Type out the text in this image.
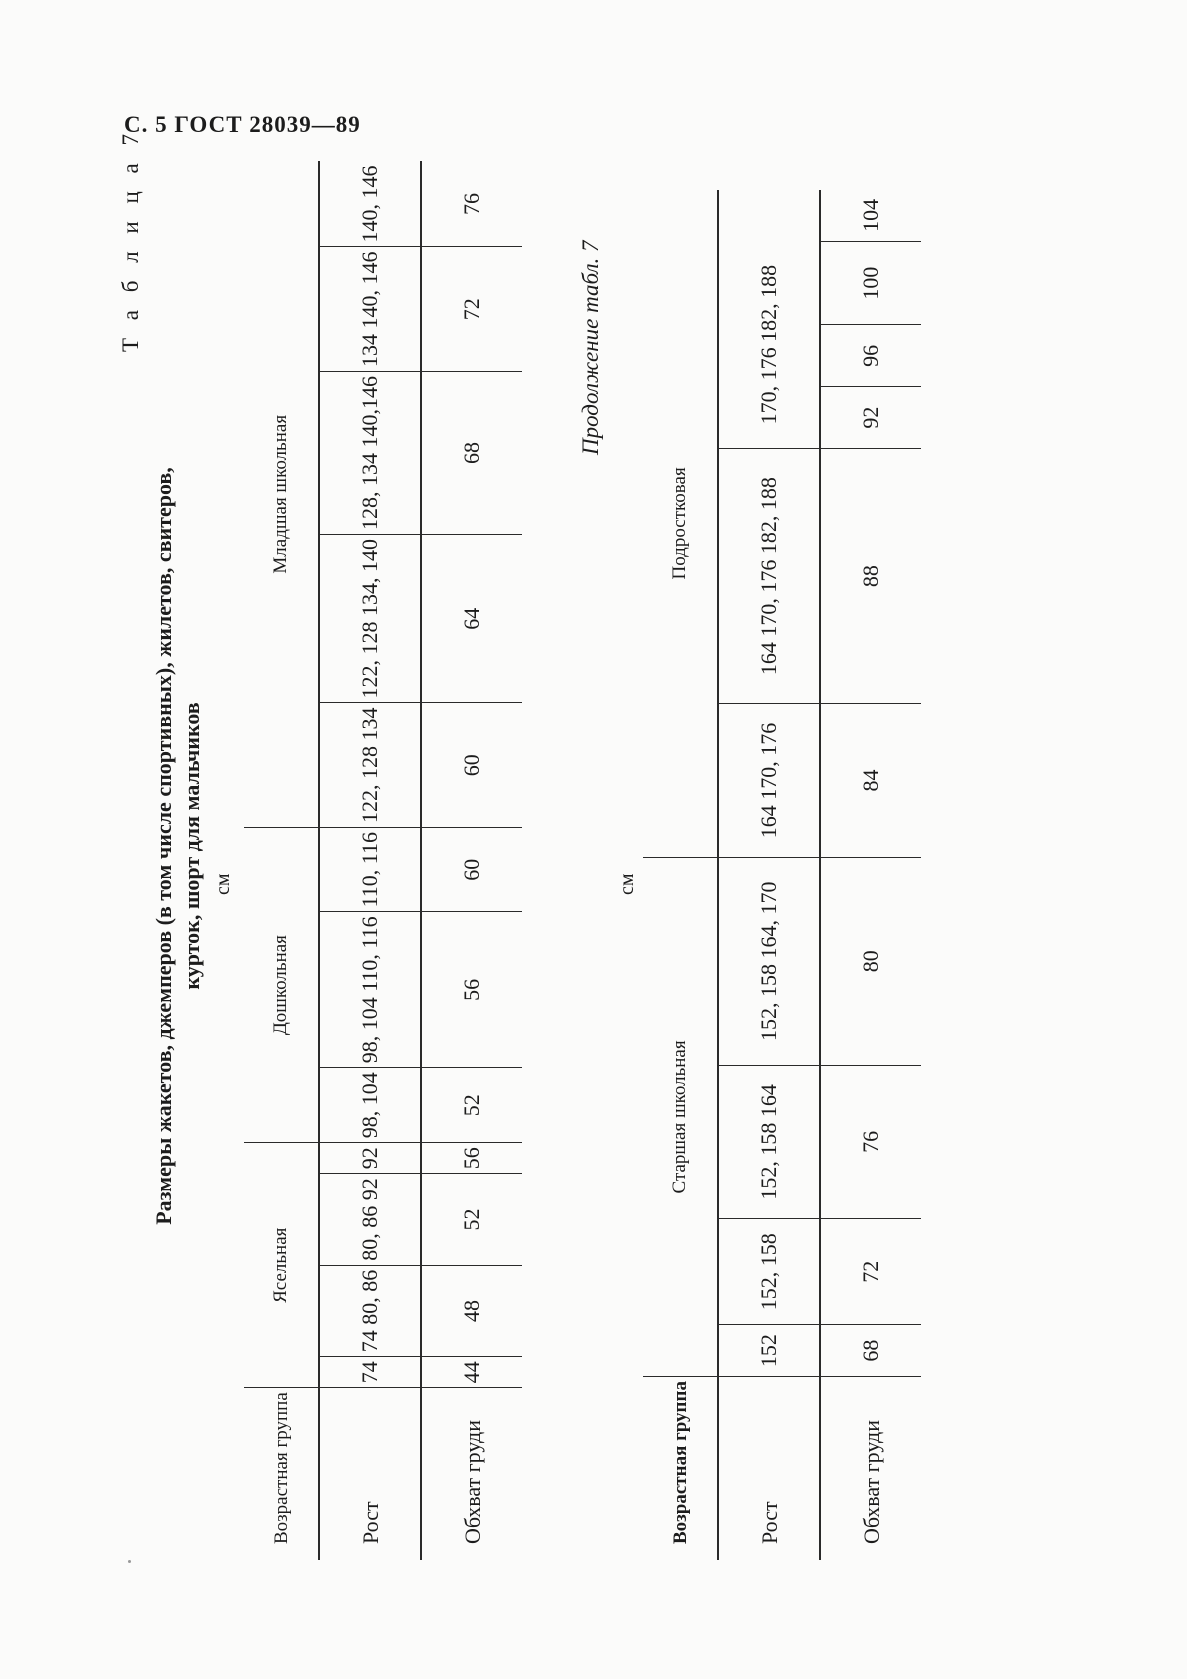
С. 5 ГОСТ 28039—89
Т а б л и ц а 7
Размеры жакетов, джемперов (в том числе спортивных), жилетов, свитеров, курток, шорт для мальчиков см
Возрастная группа	Ясельная				Дошкольная			Младшая школьная				
Рост	74	74 80, 86	80, 86 92	92	98, 104	98, 104 110, 116	110, 116	122, 128 134	122, 128 134, 140	128, 134 140,146	134 140, 146	140, 146
Обхват груди	44	48	52	56	52	56	60	60	64	68	72	76
Продолжение табл. 7
см
Возрастная группа	Старшая школьная				Подростковая					
Рост	152	152, 158	152, 158 164	152, 158 164, 170	164 170, 176	164 170, 176 182, 188	170, 176 182, 188			
Обхват груди	68	72	76	80	84	88	92	96	100	104
